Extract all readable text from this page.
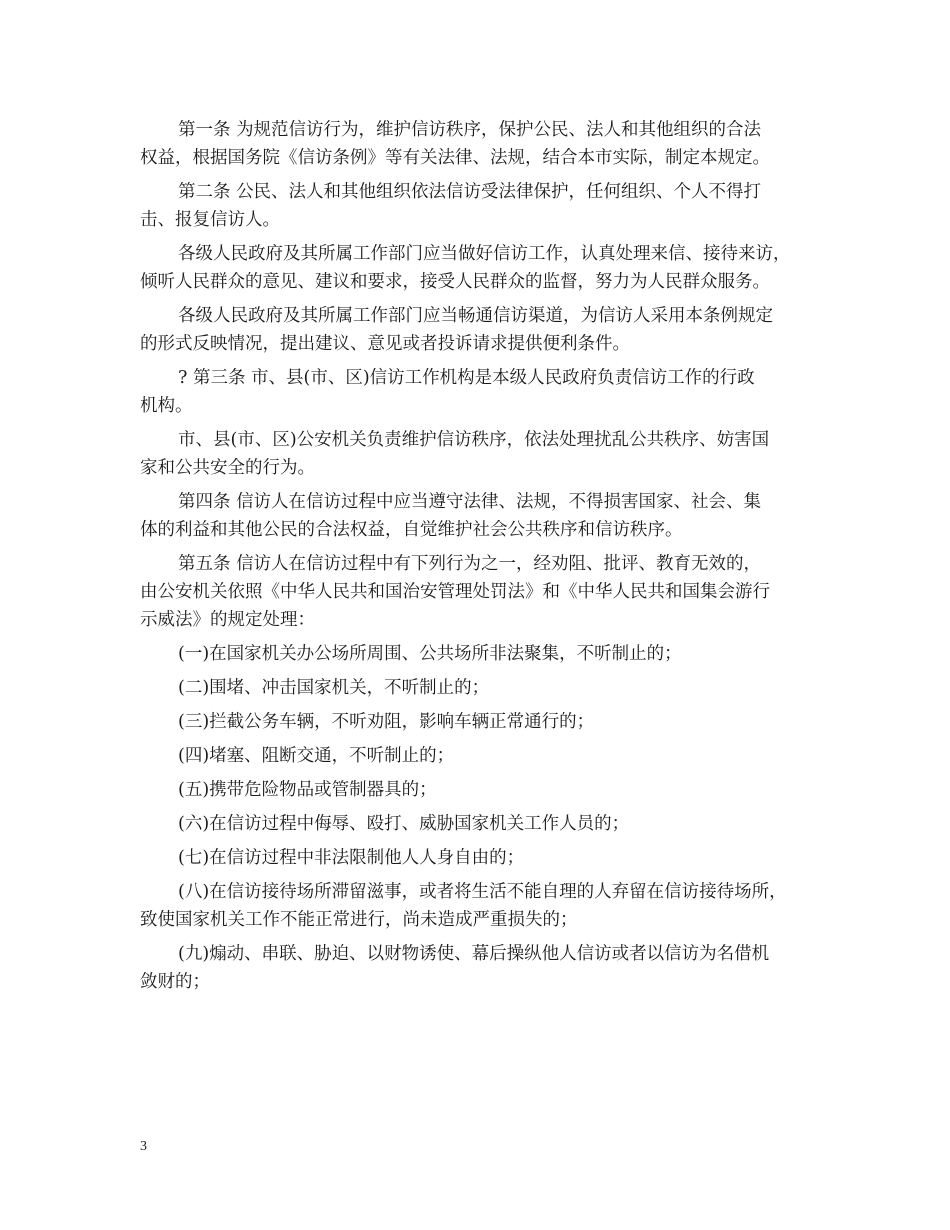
第一条 为规范信访行为，维护信访秩序，保护公民、法人和其他组织的合法
权益，根据国务院《信访条例》等有关法律、法规，结合本市实际，制定本规定。
第二条 公民、法人和其他组织依法信访受法律保护，任何组织、个人不得打
击、报复信访人。
各级人民政府及其所属工作部门应当做好信访工作，认真处理来信、接待来访，
倾听人民群众的意见、建议和要求，接受人民群众的监督，努力为人民群众服务。
各级人民政府及其所属工作部门应当畅通信访渠道，为信访人采用本条例规定
的形式反映情况，提出建议、意见或者投诉请求提供便利条件。
? 第三条 市、县(市、区)信访工作机构是本级人民政府负责信访工作的行政
机构。
市、县(市、区)公安机关负责维护信访秩序，依法处理扰乱公共秩序、妨害国
家和公共安全的行为。
第四条 信访人在信访过程中应当遵守法律、法规，不得损害国家、社会、集
体的利益和其他公民的合法权益，自觉维护社会公共秩序和信访秩序。
第五条 信访人在信访过程中有下列行为之一，经劝阻、批评、教育无效的，
由公安机关依照《中华人民共和国治安管理处罚法》和《中华人民共和国集会游行
示威法》的规定处理：
(一)在国家机关办公场所周围、公共场所非法聚集，不听制止的；
(二)围堵、冲击国家机关，不听制止的；
(三)拦截公务车辆，不听劝阻，影响车辆正常通行的；
(四)堵塞、阻断交通，不听制止的；
(五)携带危险物品或管制器具的；
(六)在信访过程中侮辱、殴打、威胁国家机关工作人员的；
(七)在信访过程中非法限制他人人身自由的；
(八)在信访接待场所滞留滋事，或者将生活不能自理的人弃留在信访接待场所，
致使国家机关工作不能正常进行，尚未造成严重损失的；
(九)煽动、串联、胁迫、以财物诱使、幕后操纵他人信访或者以信访为名借机
敛财的；
3
